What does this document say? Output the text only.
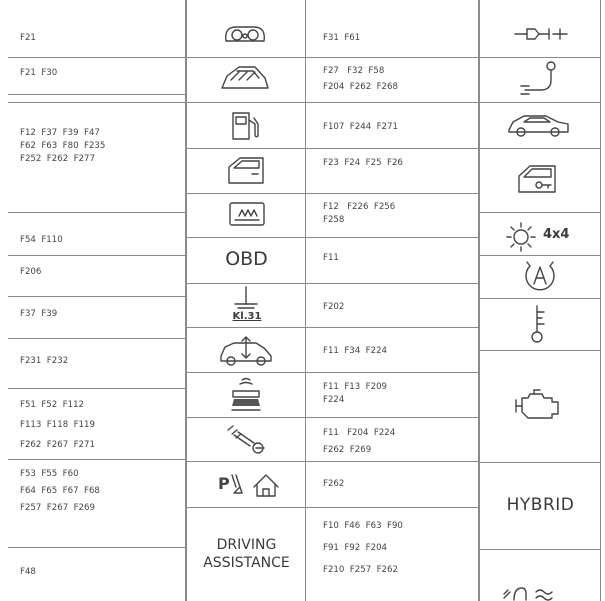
F21
F21  F30
F12  F37  F39  F47
F62  F63  F80  F235
F252  F262  F277
F54  F110
F206
F37  F39
F231  F232
F51  F52  F112
F113  F118  F119
F262  F267  F271
F53  F55  F60
F64  F65  F67  F68
F257  F267  F269
F48
F31  F61
F27   F32  F58
F204  F262  F268
F107  F244  F271
F23  F24  F25  F26
F12   F226  F256
F258
F11
F202
F11  F34  F224
F11  F13  F209
F224
F11   F204  F224
F262  F269
F262
F10  F46  F63  F90
F91  F92  F204
F210  F257  F262
OBD
Kl.31
P
DRIVING
ASSISTANCE
4x4
HYBRID
